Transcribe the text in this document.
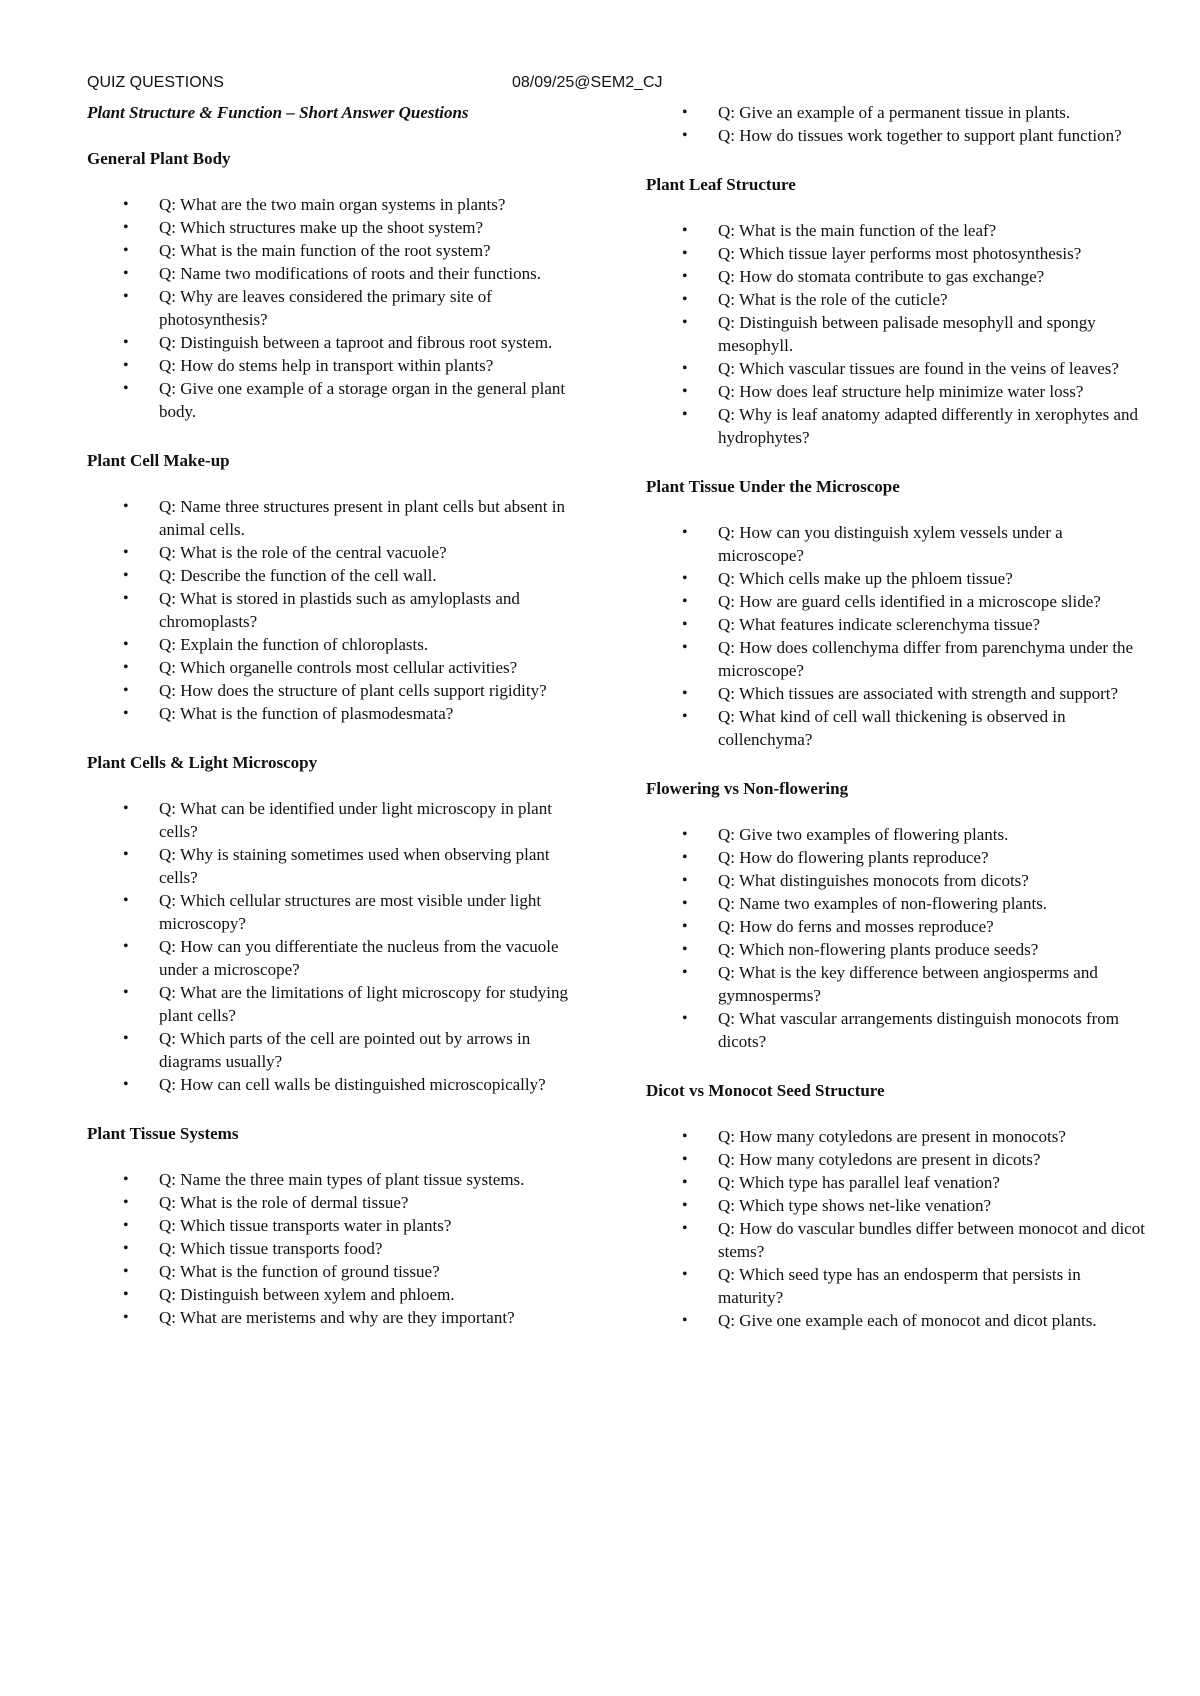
QUIZ QUESTIONS	08/09/25@SEM2_CJ
Plant Structure & Function – Short Answer Questions
General Plant Body
• Q: What are the two main organ systems in plants?
• Q: Which structures make up the shoot system?
• Q: What is the main function of the root system?
• Q: Name two modifications of roots and their functions.
• Q: Why are leaves considered the primary site of photosynthesis?
• Q: Distinguish between a taproot and fibrous root system.
• Q: How do stems help in transport within plants?
• Q: Give one example of a storage organ in the general plant body.
Plant Cell Make-up
• Q: Name three structures present in plant cells but absent in animal cells.
• Q: What is the role of the central vacuole?
• Q: Describe the function of the cell wall.
• Q: What is stored in plastids such as amyloplasts and chromoplasts?
• Q: Explain the function of chloroplasts.
• Q: Which organelle controls most cellular activities?
• Q: How does the structure of plant cells support rigidity?
• Q: What is the function of plasmodesmata?
Plant Cells & Light Microscopy
• Q: What can be identified under light microscopy in plant cells?
• Q: Why is staining sometimes used when observing plant cells?
• Q: Which cellular structures are most visible under light microscopy?
• Q: How can you differentiate the nucleus from the vacuole under a microscope?
• Q: What are the limitations of light microscopy for studying plant cells?
• Q: Which parts of the cell are pointed out by arrows in diagrams usually?
• Q: How can cell walls be distinguished microscopically?
Plant Tissue Systems
• Q: Name the three main types of plant tissue systems.
• Q: What is the role of dermal tissue?
• Q: Which tissue transports water in plants?
• Q: Which tissue transports food?
• Q: What is the function of ground tissue?
• Q: Distinguish between xylem and phloem.
• Q: What are meristems and why are they important?
• Q: Give an example of a permanent tissue in plants.
• Q: How do tissues work together to support plant function?
Plant Leaf Structure
• Q: What is the main function of the leaf?
• Q: Which tissue layer performs most photosynthesis?
• Q: How do stomata contribute to gas exchange?
• Q: What is the role of the cuticle?
• Q: Distinguish between palisade mesophyll and spongy mesophyll.
• Q: Which vascular tissues are found in the veins of leaves?
• Q: How does leaf structure help minimize water loss?
• Q: Why is leaf anatomy adapted differently in xerophytes and hydrophytes?
Plant Tissue Under the Microscope
• Q: How can you distinguish xylem vessels under a microscope?
• Q: Which cells make up the phloem tissue?
• Q: How are guard cells identified in a microscope slide?
• Q: What features indicate sclerenchyma tissue?
• Q: How does collenchyma differ from parenchyma under the microscope?
• Q: Which tissues are associated with strength and support?
• Q: What kind of cell wall thickening is observed in collenchyma?
Flowering vs Non-flowering
• Q: Give two examples of flowering plants.
• Q: How do flowering plants reproduce?
• Q: What distinguishes monocots from dicots?
• Q: Name two examples of non-flowering plants.
• Q: How do ferns and mosses reproduce?
• Q: Which non-flowering plants produce seeds?
• Q: What is the key difference between angiosperms and gymnosperms?
• Q: What vascular arrangements distinguish monocots from dicots?
Dicot vs Monocot Seed Structure
• Q: How many cotyledons are present in monocots?
• Q: How many cotyledons are present in dicots?
• Q: Which type has parallel leaf venation?
• Q: Which type shows net-like venation?
• Q: How do vascular bundles differ between monocot and dicot stems?
• Q: Which seed type has an endosperm that persists in maturity?
• Q: Give one example each of monocot and dicot plants.
